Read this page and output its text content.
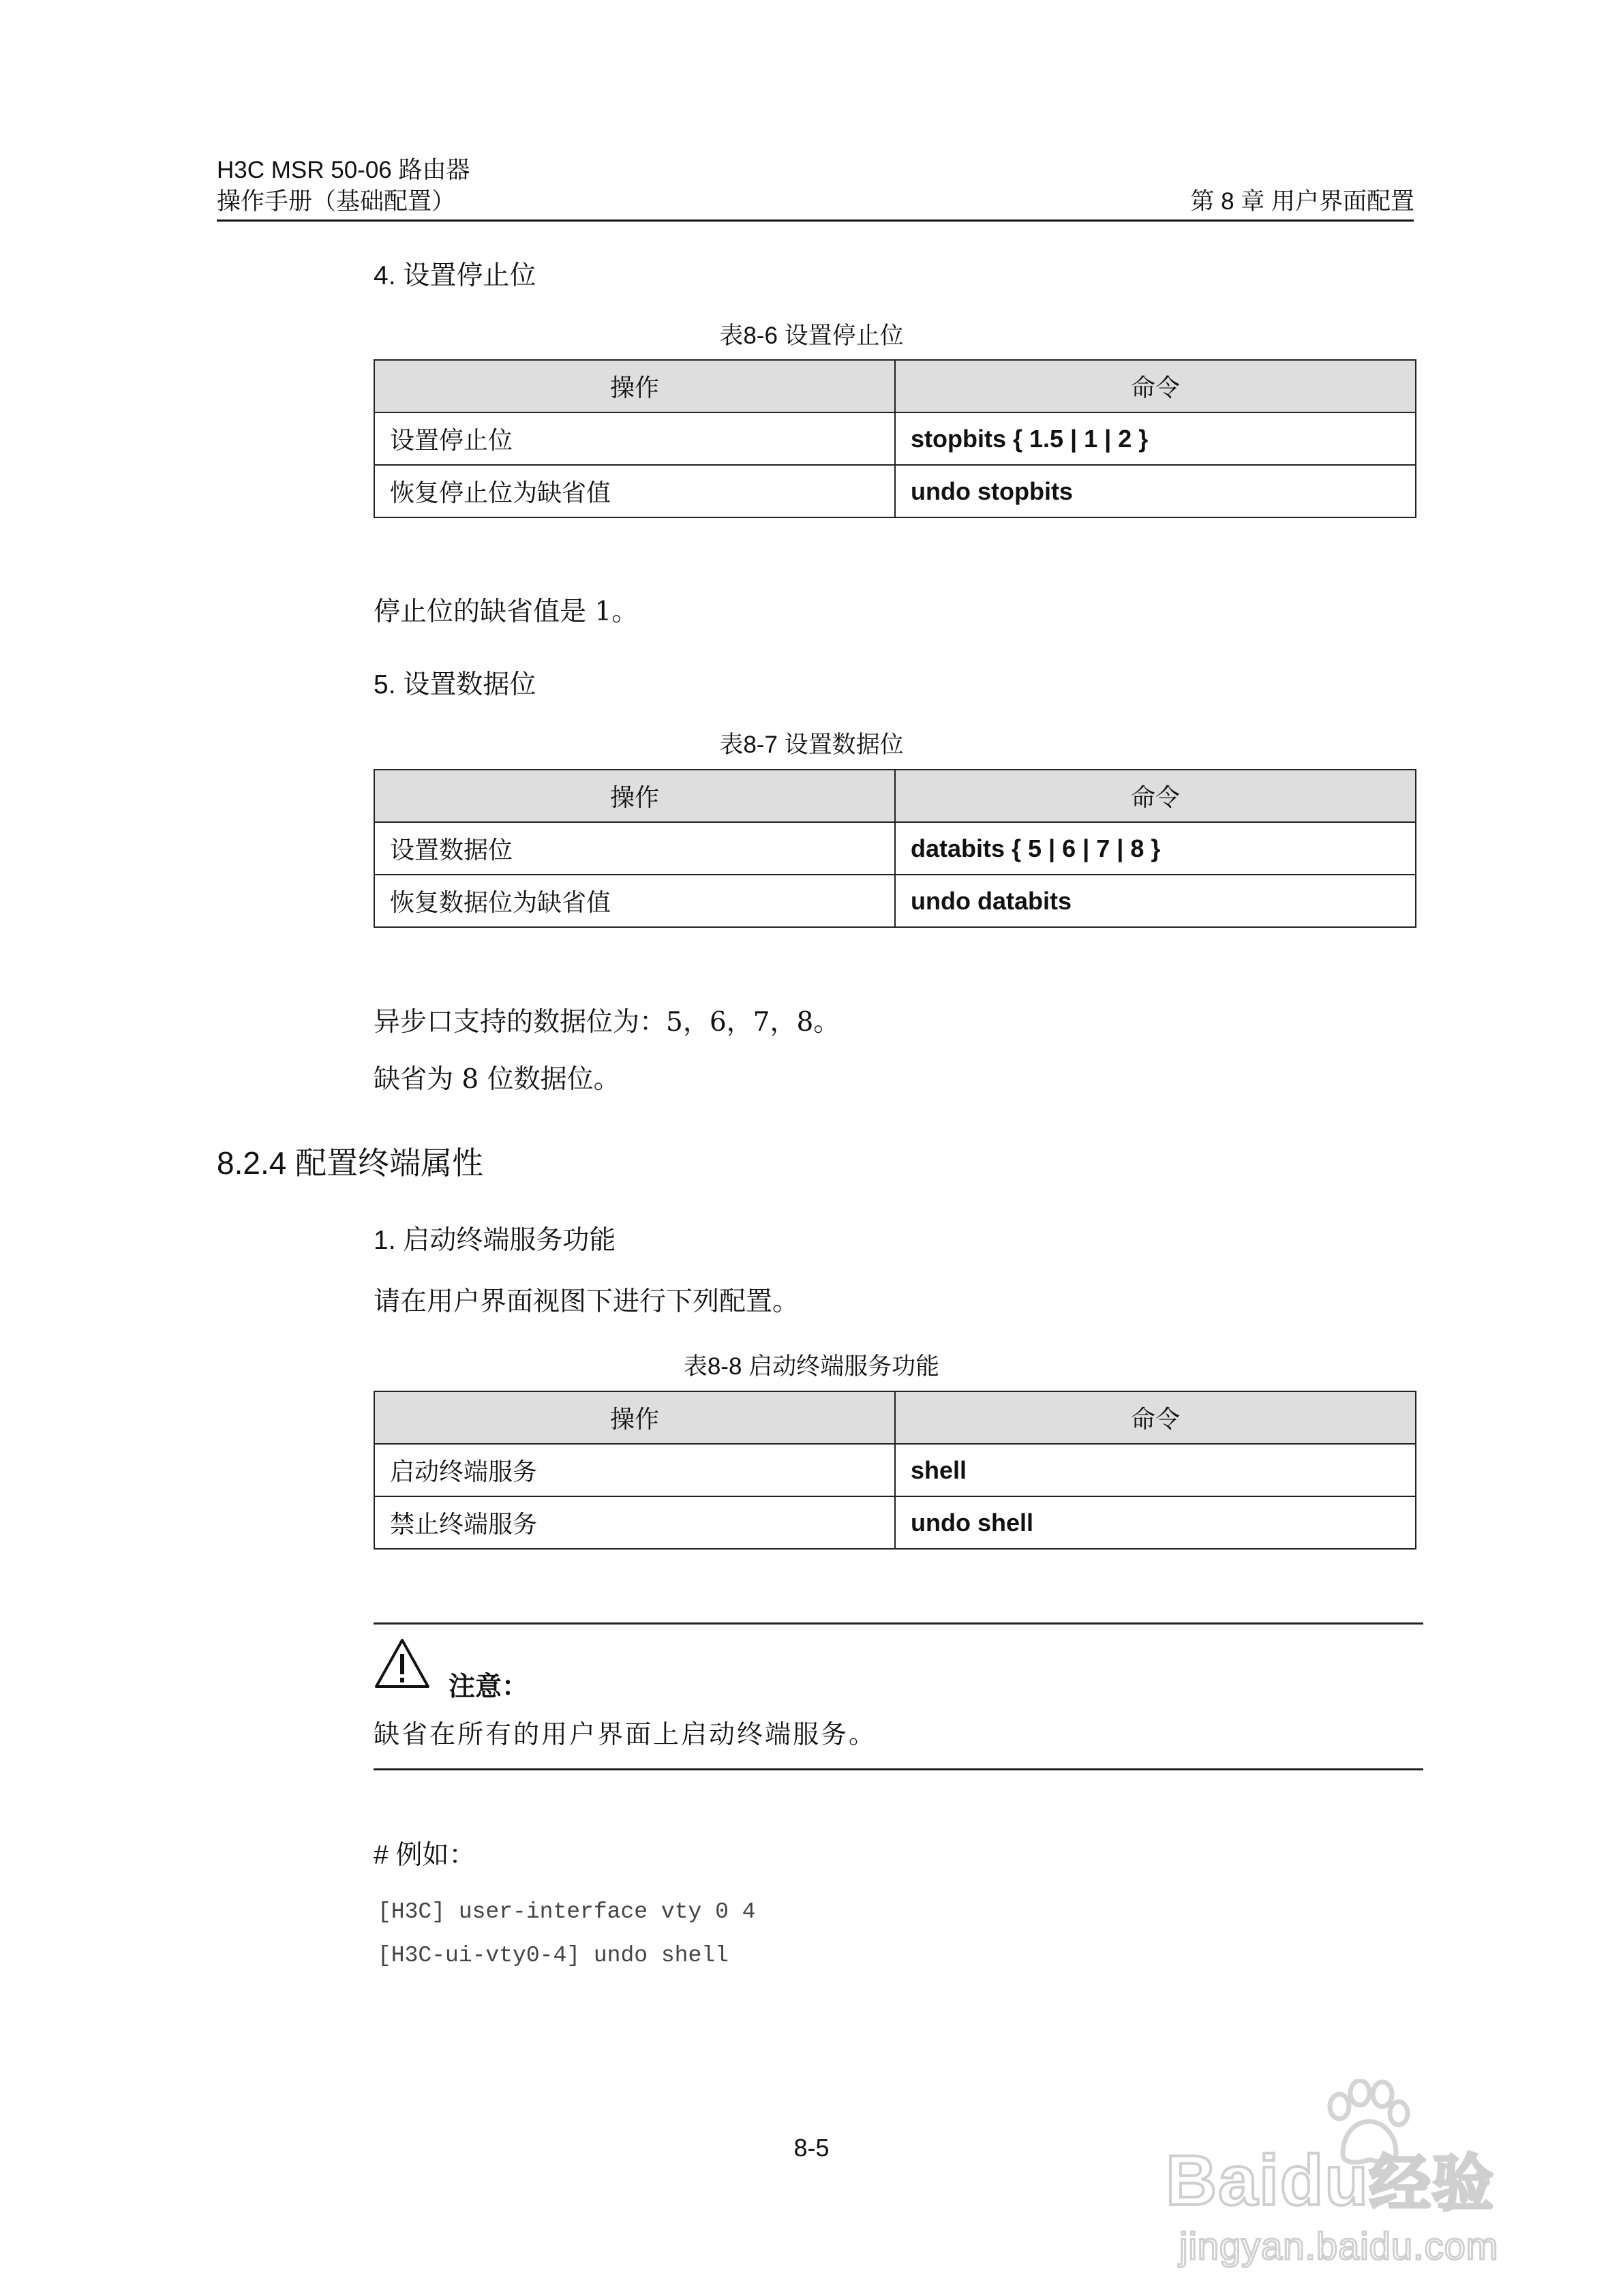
H3C MSR 50-06 路由器
操作手册（基础配置）	第 8 章 用户界面配置
4. 设置停止位
表8-6 设置停止位
操作	命令
设置停止位	stopbits { 1.5 | 1 | 2 }
恢复停止位为缺省值	undo stopbits
停止位的缺省值是 1。
5. 设置数据位
表8-7 设置数据位
操作	命令
设置数据位	databits { 5 | 6 | 7 | 8 }
恢复数据位为缺省值	undo databits
异步口支持的数据位为：5，6，7，8。
缺省为 8 位数据位。
8.2.4 配置终端属性
1. 启动终端服务功能
请在用户界面视图下进行下列配置。
表8-8 启动终端服务功能
操作	命令
启动终端服务	shell
禁止终端服务	undo shell
注意：
缺省在所有的用户界面上启动终端服务。
# 例如：
[H3C] user-interface vty 0 4
[H3C-ui-vty0-4] undo shell
8-5	Baidu经验
jingyan.baidu.com
